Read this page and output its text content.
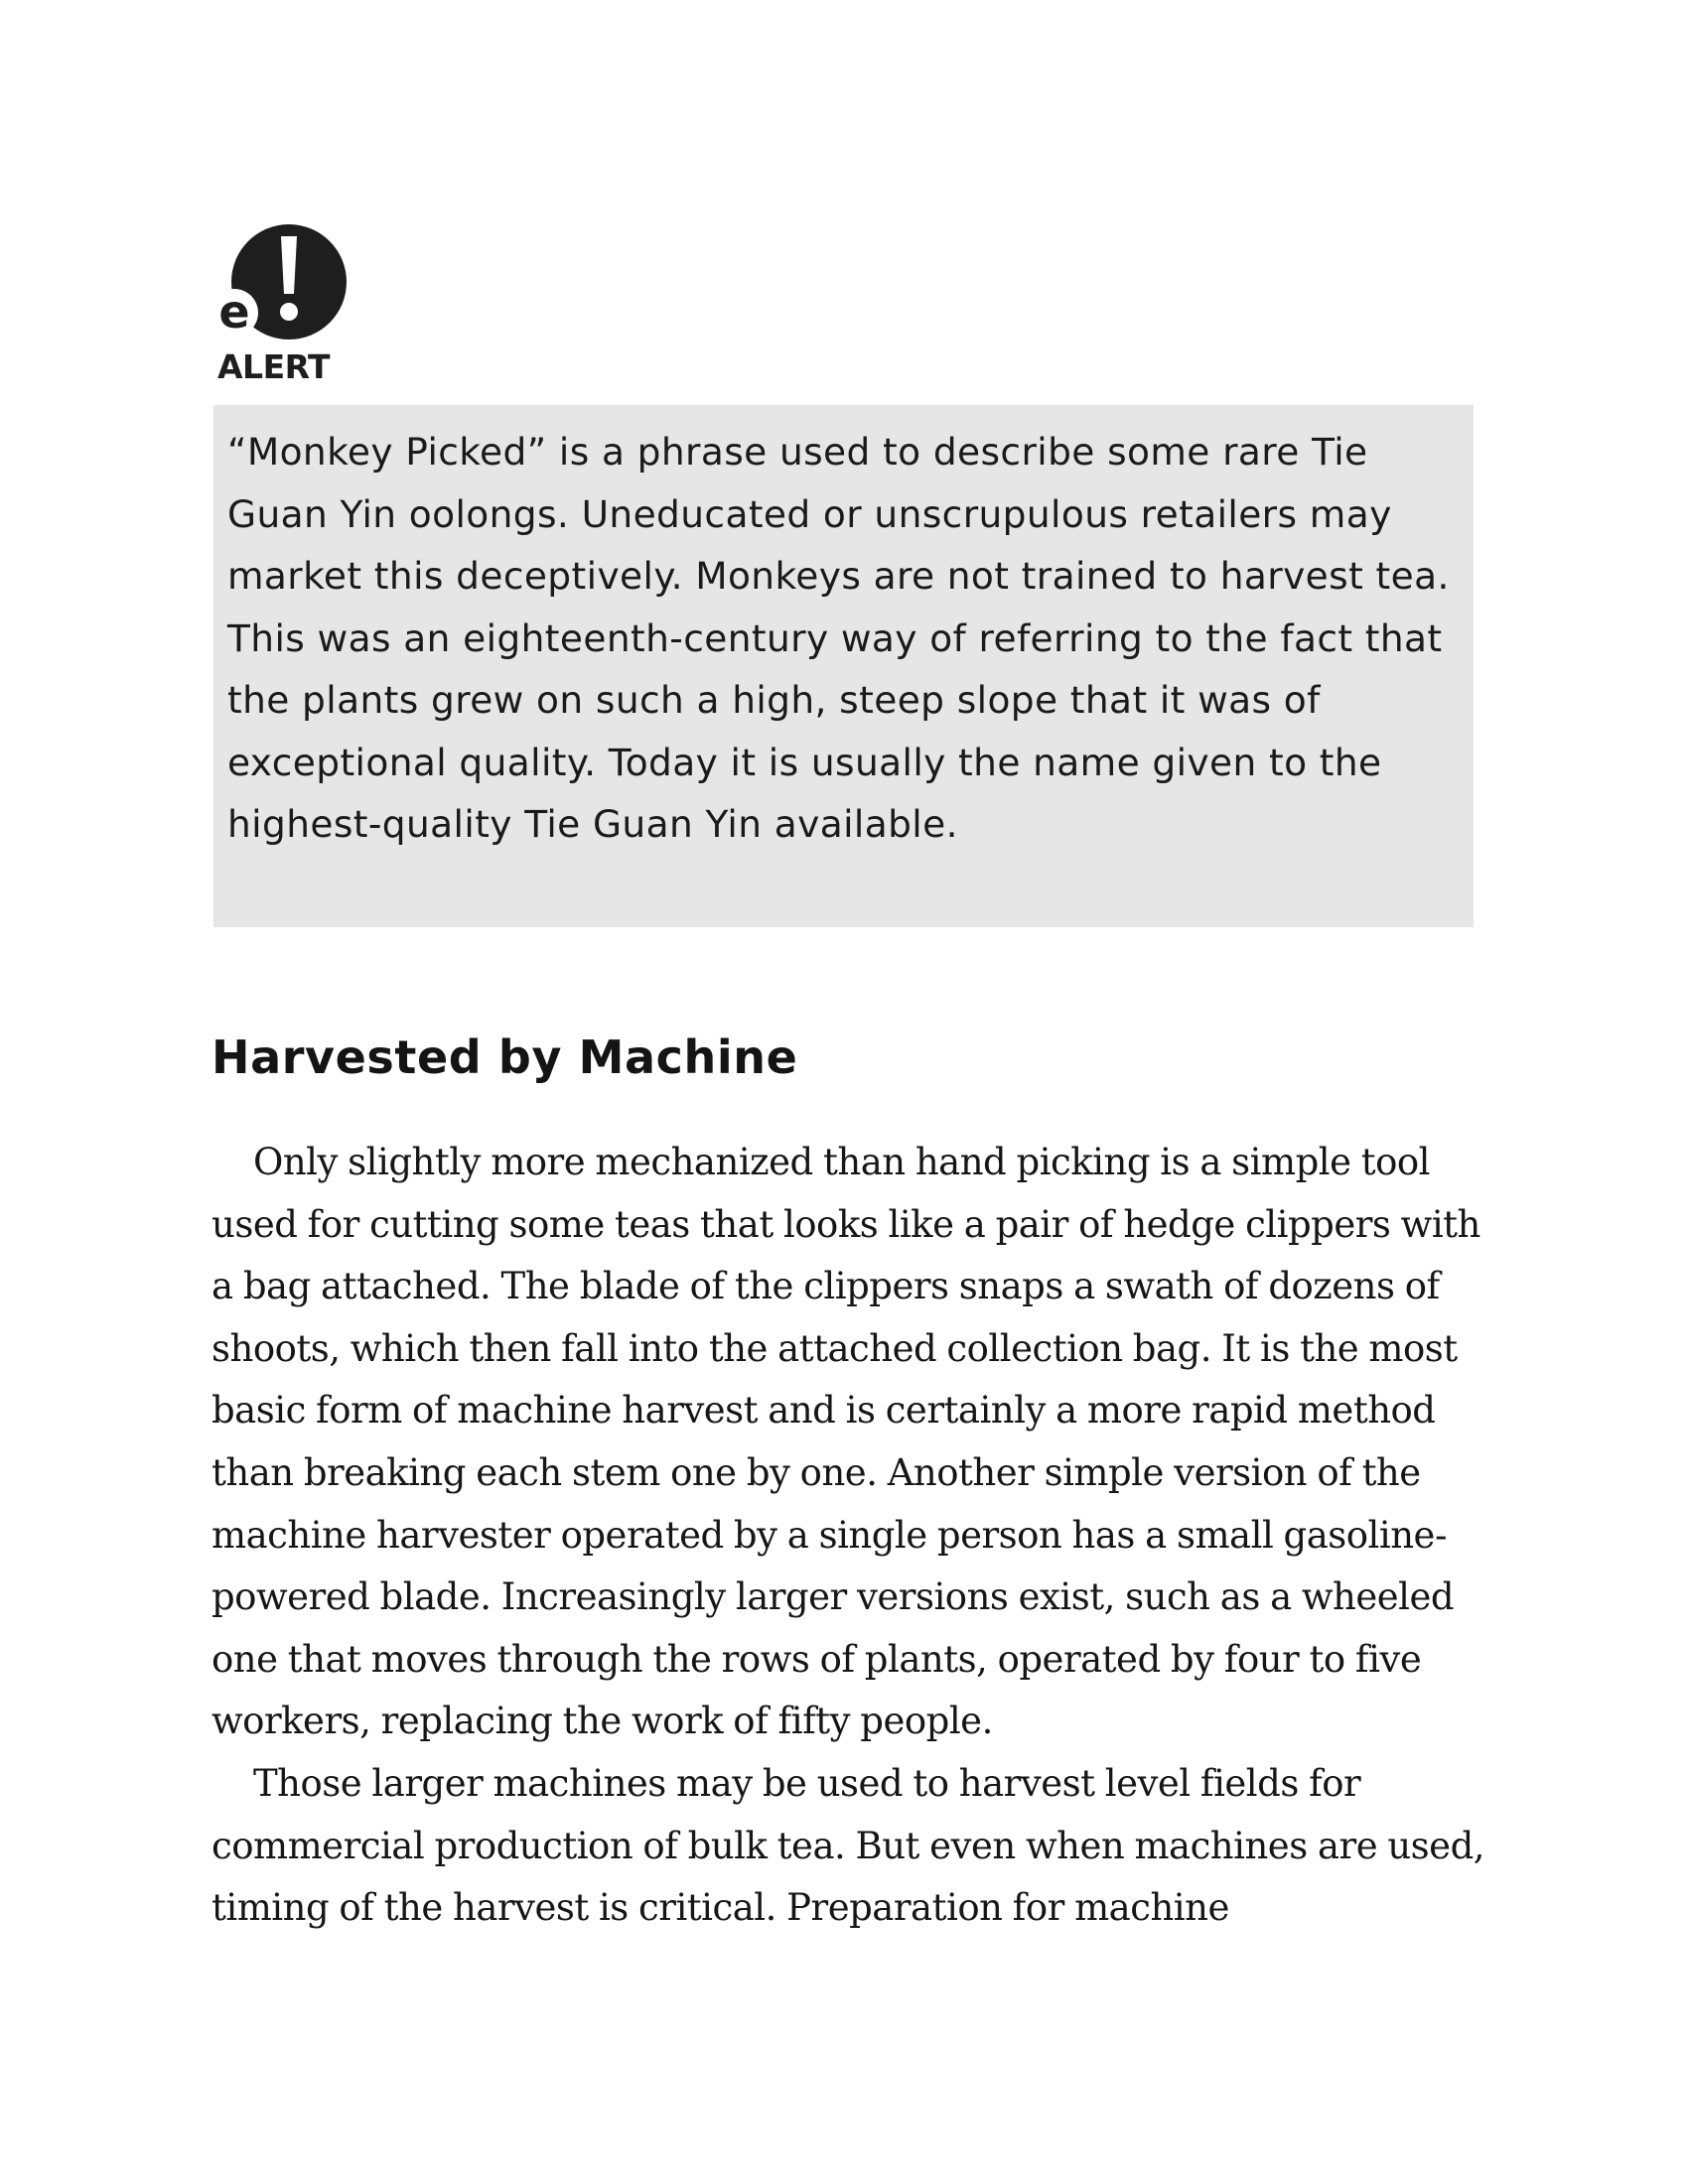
e
ALERT

“Monkey Picked” is a phrase used to describe some rare Tie Guan Yin oolongs. Uneducated or unscrupulous retailers may market this deceptively. Monkeys are not trained to harvest tea. This was an eighteenth-century way of referring to the fact that the plants grew on such a high, steep slope that it was of exceptional quality. Today it is usually the name given to the highest-quality Tie Guan Yin available.

Harvested by Machine

Only slightly more mechanized than hand picking is a simple tool used for cutting some teas that looks like a pair of hedge clippers with a bag attached. The blade of the clippers snaps a swath of dozens of shoots, which then fall into the attached collection bag. It is the most basic form of machine harvest and is certainly a more rapid method than breaking each stem one by one. Another simple version of the machine harvester operated by a single person has a small gasoline-powered blade. Increasingly larger versions exist, such as a wheeled one that moves through the rows of plants, operated by four to five workers, replacing the work of fifty people.

Those larger machines may be used to harvest level fields for commercial production of bulk tea. But even when machines are used, timing of the harvest is critical. Preparation for machine
